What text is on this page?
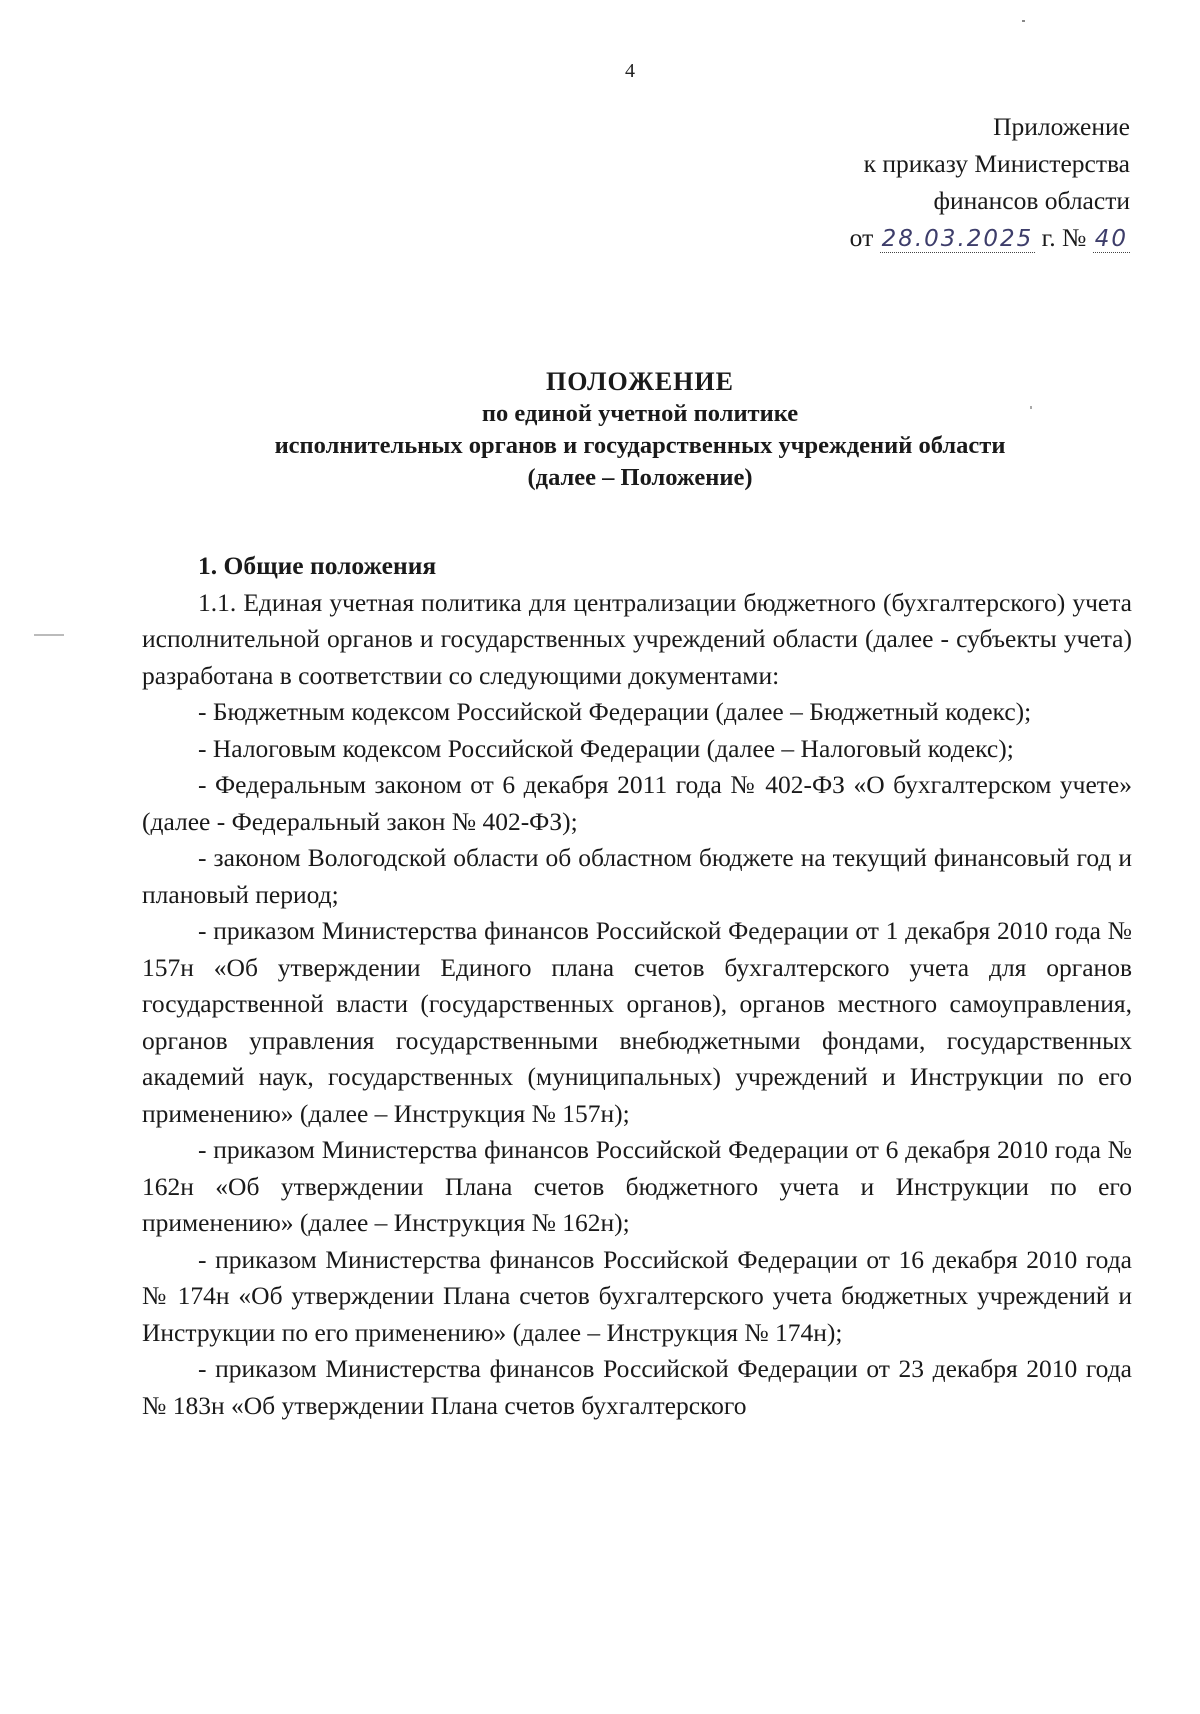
4
Приложение
к приказу Министерства
финансов области
от 28.03.2025 г. № 40
ПОЛОЖЕНИЕ
по единой учетной политике
исполнительных органов и государственных учреждений области
(далее – Положение)
1. Общие положения

1.1. Единая учетная политика для централизации бюджетного (бухгалтерского) учета исполнительной органов и государственных учреждений области (далее - субъекты учета) разработана в соответствии со следующими документами:

- Бюджетным кодексом Российской Федерации (далее – Бюджетный кодекс);

- Налоговым кодексом Российской Федерации (далее – Налоговый кодекс);

- Федеральным законом от 6 декабря 2011 года № 402-ФЗ «О бухгалтерском учете» (далее - Федеральный закон № 402-ФЗ);

- законом Вологодской области об областном бюджете на текущий финансовый год и плановый период;

- приказом Министерства финансов Российской Федерации от 1 декабря 2010 года № 157н «Об утверждении Единого плана счетов бухгалтерского учета для органов государственной власти (государственных органов), органов местного самоуправления, органов управления государственными внебюджетными фондами, государственных академий наук, государственных (муниципальных) учреждений и Инструкции по его применению» (далее – Инструкция № 157н);

- приказом Министерства финансов Российской Федерации от 6 декабря 2010 года № 162н «Об утверждении Плана счетов бюджетного учета и Инструкции по его применению» (далее – Инструкция № 162н);

- приказом Министерства финансов Российской Федерации от 16 декабря 2010 года № 174н «Об утверждении Плана счетов бухгалтерского учета бюджетных учреждений и Инструкции по его применению» (далее – Инструкция № 174н);

- приказом Министерства финансов Российской Федерации от 23 декабря 2010 года № 183н «Об утверждении Плана счетов бухгалтерского
